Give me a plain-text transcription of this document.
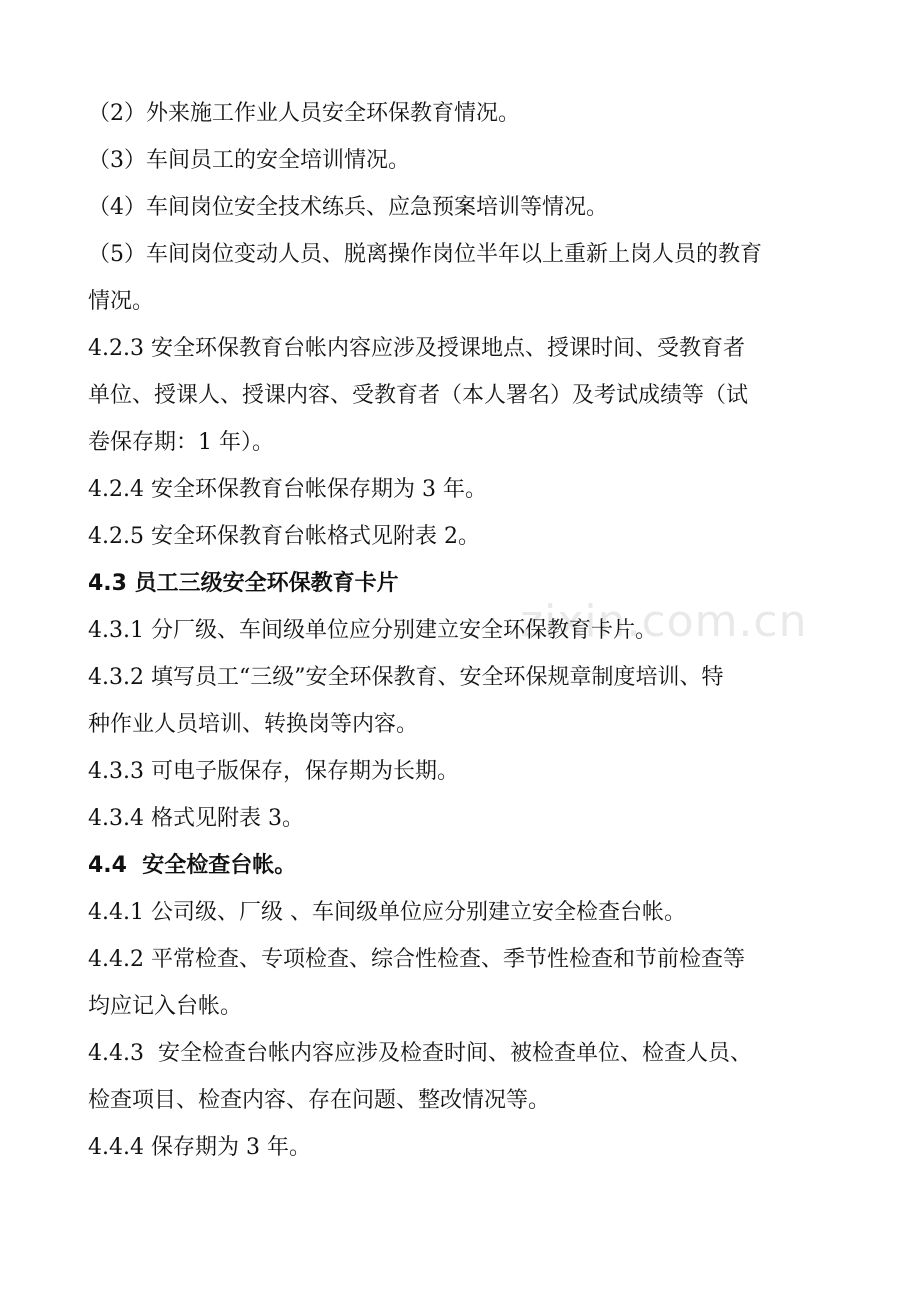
zixin.com.cn

（2）外来施工作业人员安全环保教育情况。

（3）车间员工的安全培训情况。

（4）车间岗位安全技术练兵、应急预案培训等情况。

（5）车间岗位变动人员、脱离操作岗位半年以上重新上岗人员的教育

情况。

4.2.3 安全环保教育台帐内容应涉及授课地点、授课时间、受教育者

单位、授课人、授课内容、受教育者（本人署名）及考试成绩等（试

卷保存期：1 年）。

4.2.4 安全环保教育台帐保存期为 3 年。

4.2.5 安全环保教育台帐格式见附表 2。

4.3 员工三级安全环保教育卡片

4.3.1 分厂级、车间级单位应分别建立安全环保教育卡片。

4.3.2 填写员工“三级”安全环保教育、安全环保规章制度培训、特

种作业人员培训、转换岗等内容。

4.3.3 可电子版保存，保存期为长期。

4.3.4 格式见附表 3。

4.4  安全检查台帐。

4.4.1 公司级、厂级 、车间级单位应分别建立安全检查台帐。

4.4.2 平常检查、专项检查、综合性检查、季节性检查和节前检查等

均应记入台帐。

4.4.3  安全检查台帐内容应涉及检查时间、被检查单位、检查人员、

检查项目、检查内容、存在问题、整改情况等。

4.4.4 保存期为 3 年。
